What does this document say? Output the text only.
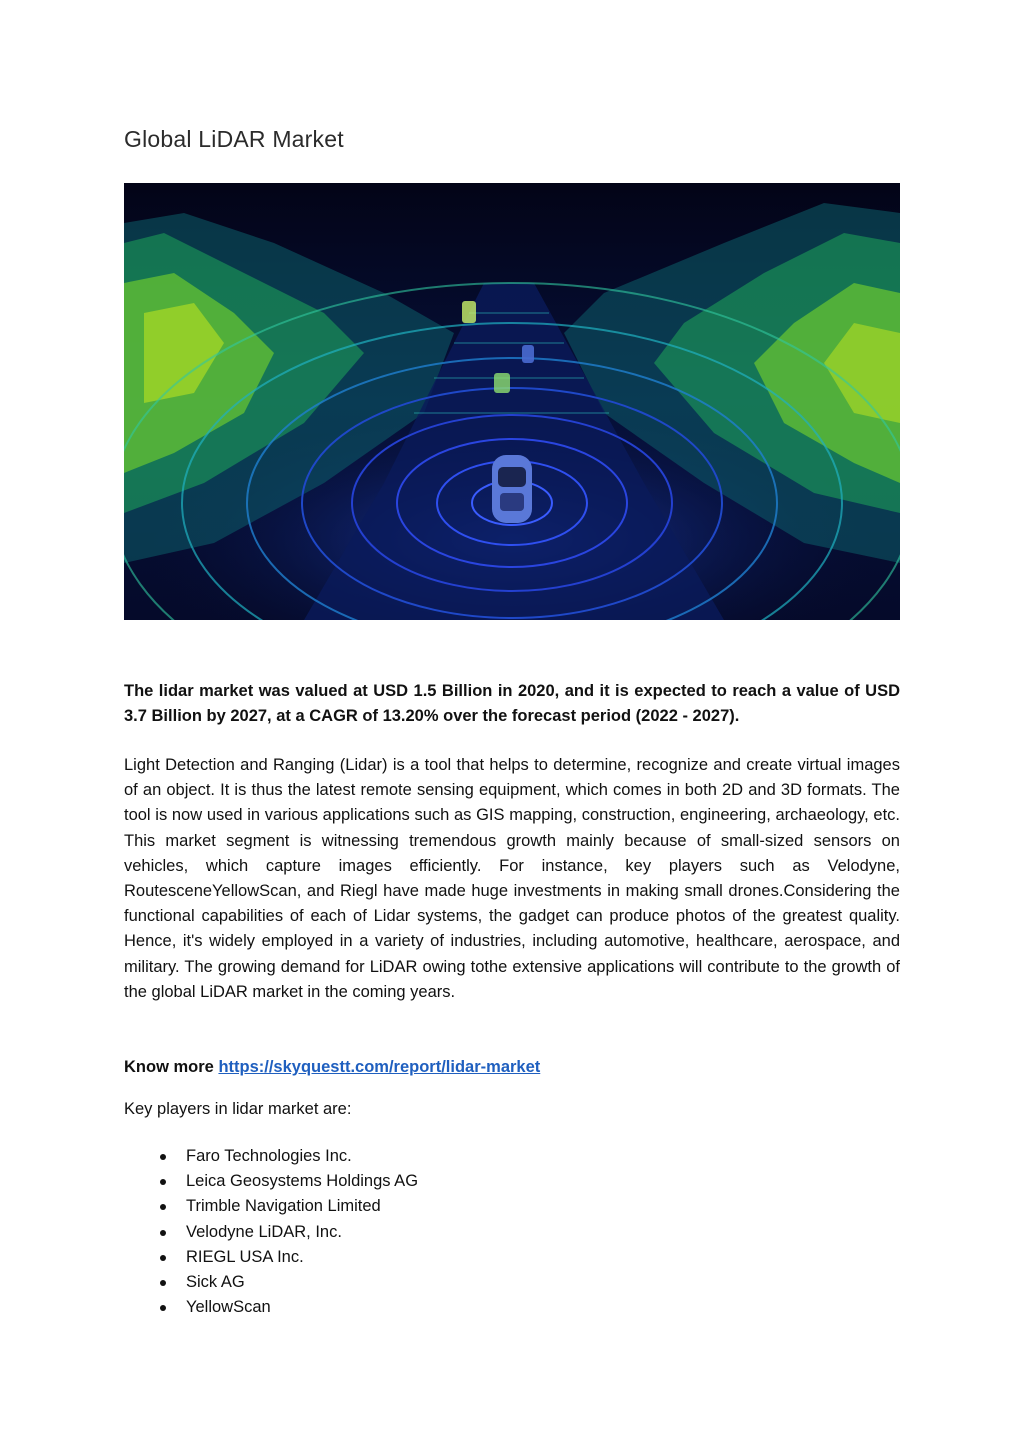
Global LiDAR Market

The lidar market was valued at USD 1.5 Billion in 2020, and it is expected to reach a value of USD 3.7 Billion by 2027, at a CAGR of 13.20% over the forecast period (2022 - 2027).

Light Detection and Ranging (Lidar) is a tool that helps to determine, recognize and create virtual images of an object. It is thus the latest remote sensing equipment, which comes in both 2D and 3D formats. The tool is now used in various applications such as GIS mapping, construction, engineering, archaeology, etc. This market segment is witnessing tremendous growth mainly because of small-sized sensors on vehicles, which capture images efficiently. For instance, key players such as Velodyne, RoutesceneYellowScan, and Riegl have made huge investments in making small drones.Considering the functional capabilities of each of Lidar systems, the gadget can produce photos of the greatest quality. Hence, it's widely employed in a variety of industries, including automotive, healthcare, aerospace, and military. The growing demand for LiDAR owing tothe extensive applications will contribute to the growth of the global LiDAR market in the coming years.

Know more https://skyquestt.com/report/lidar-market

Key players in lidar market are:

Faro Technologies Inc.
Leica Geosystems Holdings AG
Trimble Navigation Limited
Velodyne LiDAR, Inc.
RIEGL USA Inc.
Sick AG
YellowScan
